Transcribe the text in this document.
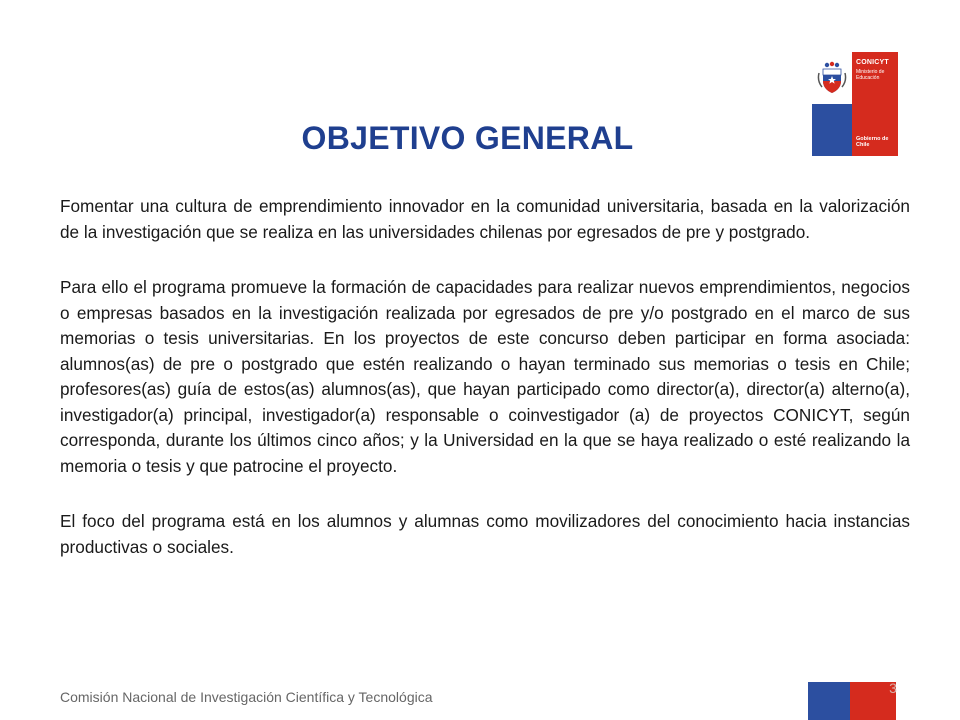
CONICYT
Ministerio de
Educación
Gobierno de Chile
OBJETIVO GENERAL

Fomentar una cultura de emprendimiento innovador en la comunidad universitaria, basada en la valorización de la investigación que se realiza en las universidades chilenas por egresados de pre y postgrado.

Para ello el programa promueve la formación de capacidades para realizar nuevos emprendimientos, negocios o empresas basados en la investigación realizada por egresados de pre y/o postgrado en el marco de sus memorias o tesis universitarias. En los proyectos de este concurso deben participar en forma asociada: alumnos(as) de pre o postgrado que estén realizando o hayan terminado sus memorias o tesis en Chile; profesores(as) guía de estos(as) alumnos(as), que hayan participado como director(a), director(a) alterno(a), investigador(a) principal, investigador(a) responsable o coinvestigador (a) de proyectos CONICYT, según corresponda, durante los últimos cinco años; y la Universidad en la que se haya realizado o esté realizando la memoria o tesis y que patrocine el proyecto.

El foco del programa está en los alumnos y alumnas como movilizadores del conocimiento hacia instancias productivas o sociales.

Comisión Nacional de Investigación Científica y Tecnológica
3
